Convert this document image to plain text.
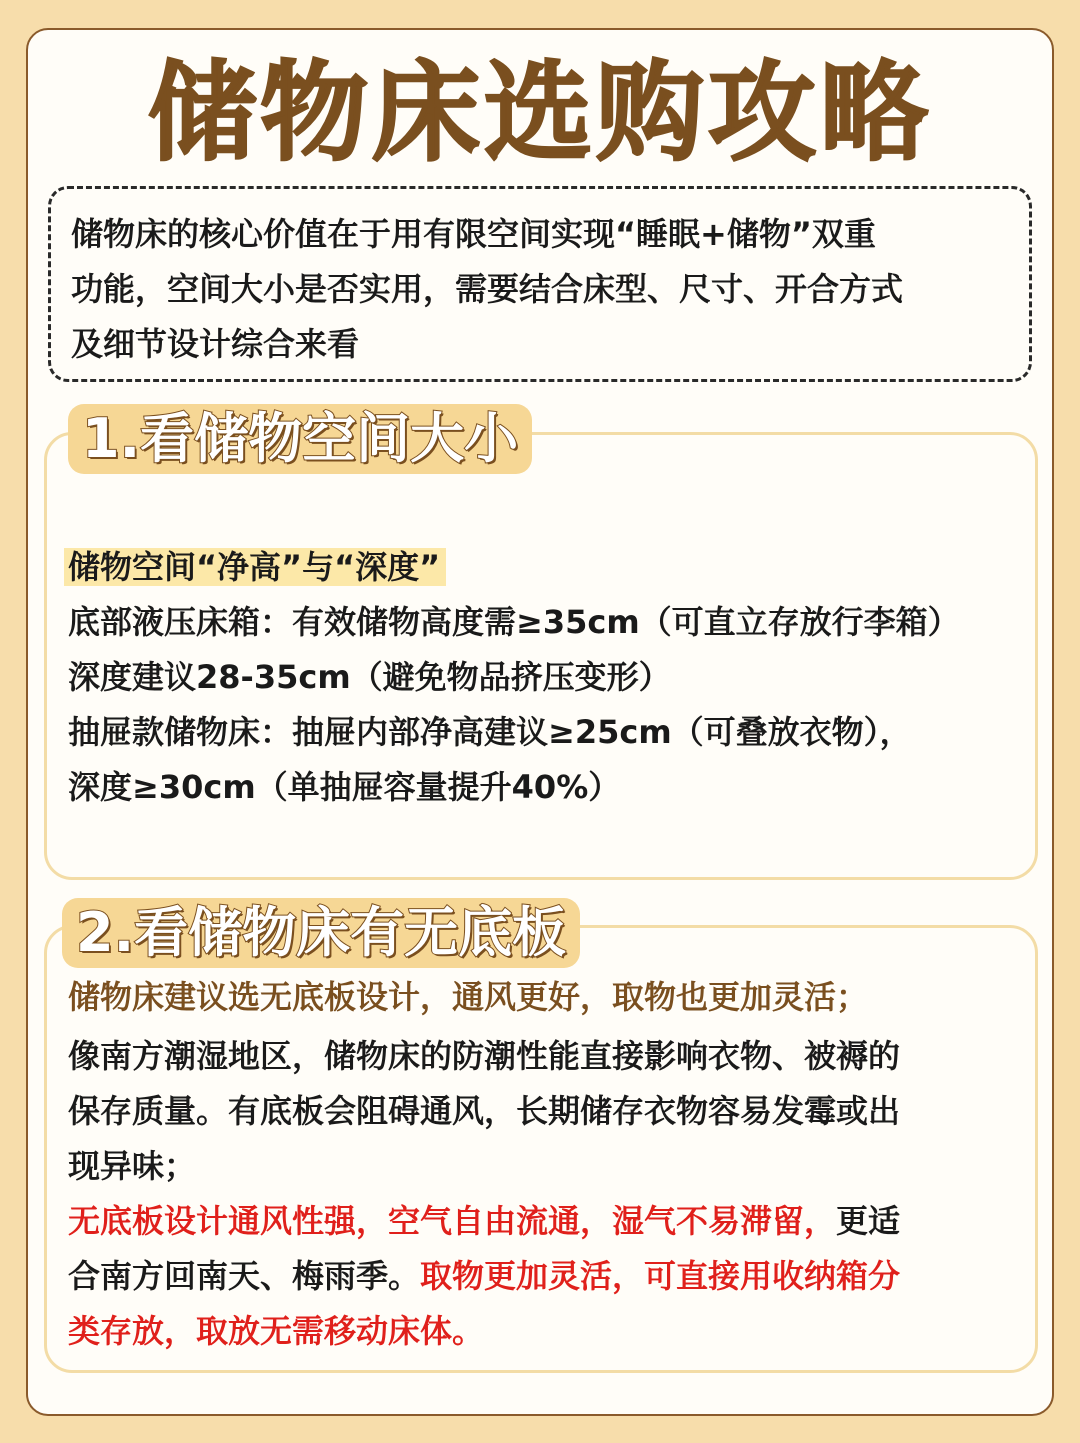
储物床选购攻略
储物床的核心价值在于用有限空间实现“睡眠+储物”双重
功能，空间大小是否实用，需要结合床型、尺寸、开合方式
及细节设计综合来看
1.看储物空间大小
储物空间“净高”与“深度”
底部液压床箱：有效储物高度需≥35cm（可直立存放行李箱）
深度建议28-35cm（避免物品挤压变形）
抽屉款储物床：抽屉内部净高建议≥25cm（可叠放衣物），
深度≥30cm（单抽屉容量提升40%）
2.看储物床有无底板
储物床建议选无底板设计，通风更好，取物也更加灵活；
像南方潮湿地区，储物床的防潮性能直接影响衣物、被褥的
保存质量。有底板会阻碍通风，长期储存衣物容易发霉或出
现异味；
无底板设计通风性强，空气自由流通，湿气不易滞留，更适
合南方回南天、梅雨季。取物更加灵活，可直接用收纳箱分
类存放，取放无需移动床体。
